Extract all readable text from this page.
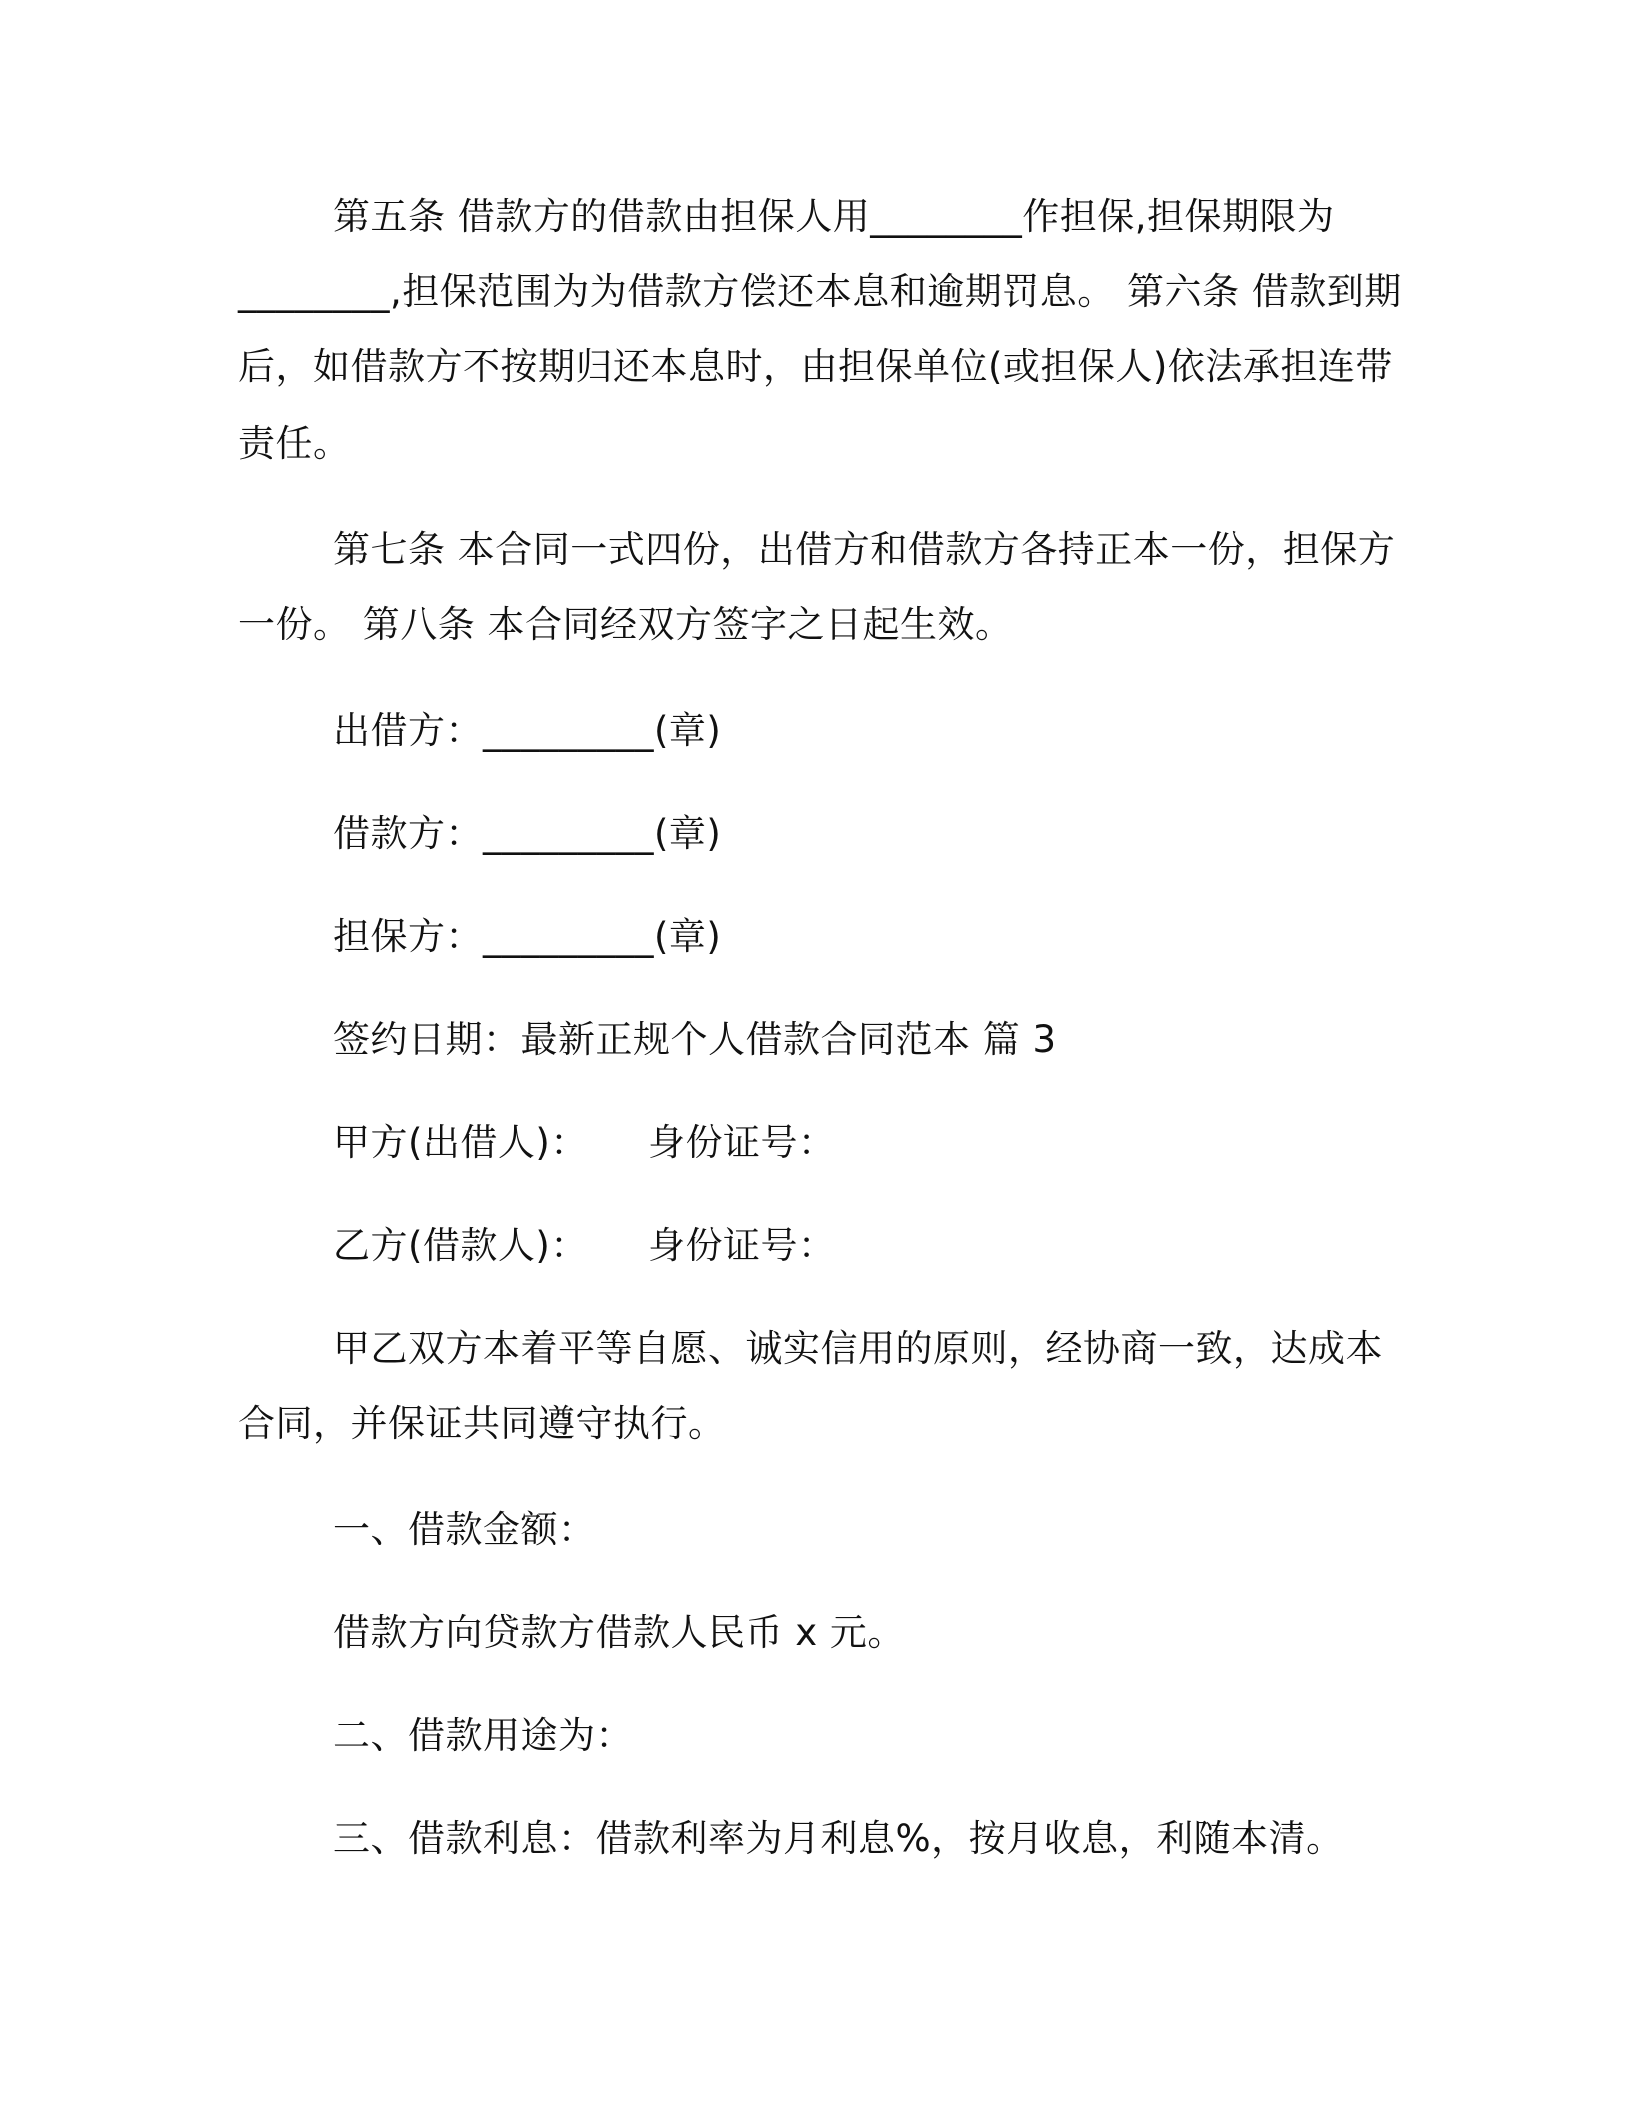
第五条 借款方的借款由担保人用________作担保,担保期限为
________,担保范围为为借款方偿还本息和逾期罚息。 第六条 借款到期
后，如借款方不按期归还本息时，由担保单位(或担保人)依法承担连带
责任。
第七条 本合同一式四份，出借方和借款方各持正本一份，担保方
一份。 第八条 本合同经双方签字之日起生效。
出借方：_________(章)
借款方：_________(章)
担保方：_________(章)
签约日期：最新正规个人借款合同范本 篇 3
甲方(出借人)：	身份证号：
乙方(借款人)：	身份证号：
甲乙双方本着平等自愿、诚实信用的原则，经协商一致，达成本
合同，并保证共同遵守执行。
一、借款金额：
借款方向贷款方借款人民币 x 元。
二、借款用途为：
三、借款利息：借款利率为月利息%，按月收息，利随本清。
